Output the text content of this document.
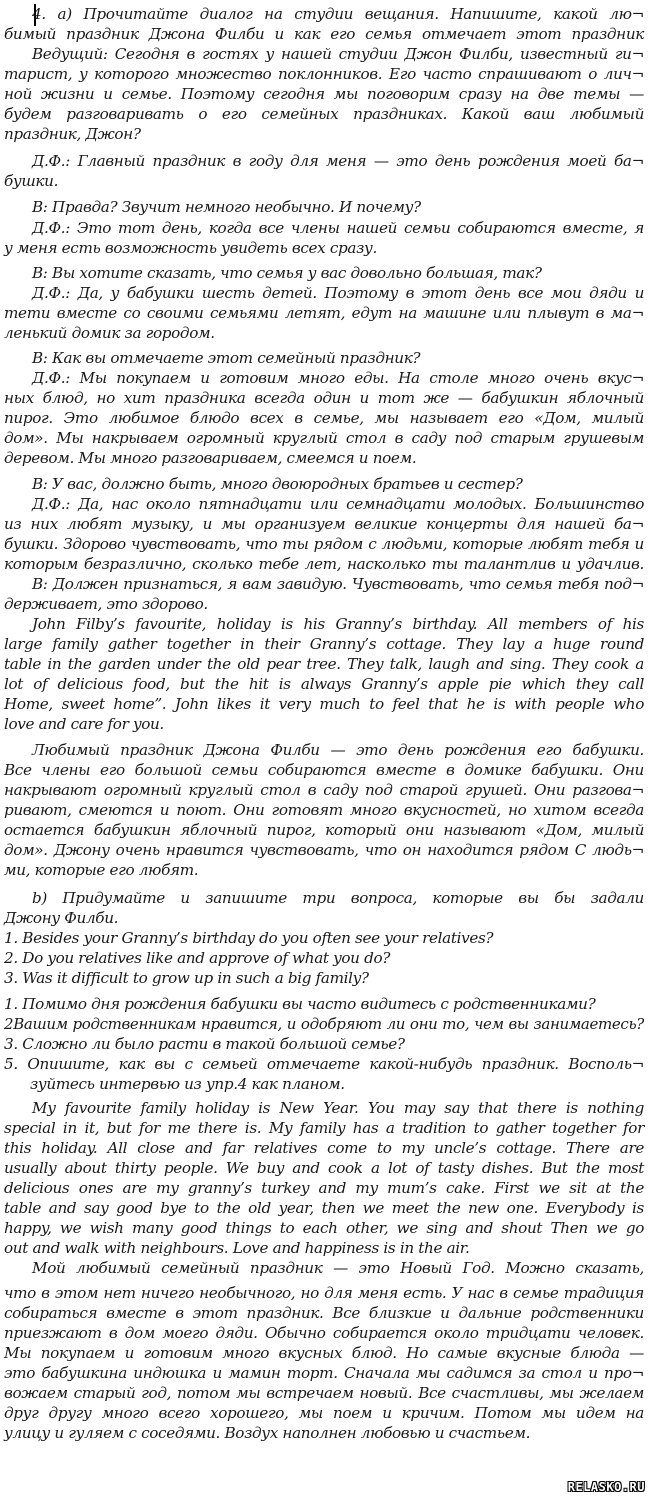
4. a) Прочитайте диалог на студии вещания. Напишите, какой лю¬
бимый праздник Джона Филби и как его семья отмечает этот праздник
Ведущий: Сегодня в гостях у нашей студии Джон Филби, известный ги¬
тарист, у которого множество поклонников. Его часто спрашивают о лич¬
ной жизни и семье. Поэтому сегодня мы поговорим сразу на две темы —
будем разговаривать о его семейных праздниках. Какой ваш любимый
праздник, Джон?
Д.Ф.: Главный праздник в году для меня — это день рождения моей ба¬
бушки.
В: Правда? Звучит немного необычно. И почему?
Д.Ф.: Это тот день, когда все члены нашей семьи собираются вместе, я
у меня есть возможность увидеть всех сразу.
В: Вы хотите сказать, что семья у вас довольно большая, так?
Д.Ф.: Да, у бабушки шесть детей. Поэтому в этот день все мои дяди и
тети вместе со своими семьями летят, едут на машине или плывут в ма¬
ленький домик за городом.
В: Как вы отмечаете этот семейный праздник?
Д.Ф.: Мы покупаем и готовим много еды. На столе много очень вкус¬
ных блюд, но хит праздника всегда один и тот же — бабушкин яблочный
пирог. Это любимое блюдо всех в семье, мы называет его «Дом, милый
дом». Мы накрываем огромный круглый стол в саду под старым грушевым
деревом. Мы много разговариваем, смеемся и поем.
В: У вас, должно быть, много двоюродных братьев и сестер?
Д.Ф.: Да, нас около пятнадцати или семнадцати молодых. Большинство
из них любят музыку, и мы организуем великие концерты для нашей ба¬
бушки. Здорово чувствовать, что ты рядом с людьми, которые любят тебя и
которым безразлично, сколько тебе лет, насколько ты талантлив и удачлив.
В: Должен признаться, я вам завидую. Чувствовать, что семья тебя под¬
держивает, это здорово.
John Filby’s favourite, holiday is his Granny’s birthday. All members of his
large family gather together in their Granny’s cottage. They lay a huge round
table in the garden under the old pear tree. They talk, laugh and sing. They cook a
lot of delicious food, but the hit is always Granny’s apple pie which they call
Home, sweet home”. John likes it very much to feel that he is with people who
love and care for you.
Любимый праздник Джона Филби — это день рождения его бабушки.
Все члены его большой семьи собираются вместе в домике бабушки. Они
накрывают огромный круглый стол в саду под старой грушей. Они разгова¬
ривают, смеются и поют. Они готовят много вкусностей, но хитом всегда
остается бабушкин яблочный пирог, который они называют «Дом, милый
дом». Джону очень нравится чувствовать, что он находится рядом С людь¬
ми, которые его любят.
b) Придумайте и запишите три вопроса, которые вы бы задали
Джону Филби.
1. Besides your Granny’s birthday do you often see your relatives?
2. Do you relatives like and approve of what you do?
3. Was it difficult to grow up in such a big family?
1. Помимо дня рождения бабушки вы часто видитесь с родственниками?
2Вашим родственникам нравится, и одобряют ли они то, чем вы занимаетесь?
3. Сложно ли было расти в такой большой семье?
5. Опишите, как вы с семьей отмечаете какой-нибудь праздник. Восполь¬
зуйтесь интервью из упр.4 как планом.
My favourite family holiday is New Year. You may say that there is nothing
special in it, but for me there is. My family has a tradition to gather together for
this holiday. All close and far relatives come to my uncle’s cottage. There are
usually about thirty people. We buy and cook a lot of tasty dishes. But the most
delicious ones are my granny’s turkey and my mum’s cake. First we sit at the
table and say good bye to the old year, then we meet the new one. Everybody is
happy, we wish many good things to each other, we sing and shout Then we go
out and walk with neighbours. Love and happiness is in the air.
Мой любимый семейный праздник — это Новый Год. Можно сказать,
что в этом нет ничего необычного, но для меня есть. У нас в семье традиция
собираться вместе в этот праздник. Все близкие и дальние родственники
приезжают в дом моего дяди. Обычно собирается около тридцати человек.
Мы покупаем и готовим много вкусных блюд. Но самые вкусные блюда —
это бабушкина индюшка и мамин торт. Сначала мы садимся за стол и про¬
вожаем старый год, потом мы встречаем новый. Все счастливы, мы желаем
друг другу много всего хорошего, мы поем и кричим. Потом мы идем на
улицу и гуляем с соседями. Воздух наполнен любовью и счастьем.
RELASKO.RU
